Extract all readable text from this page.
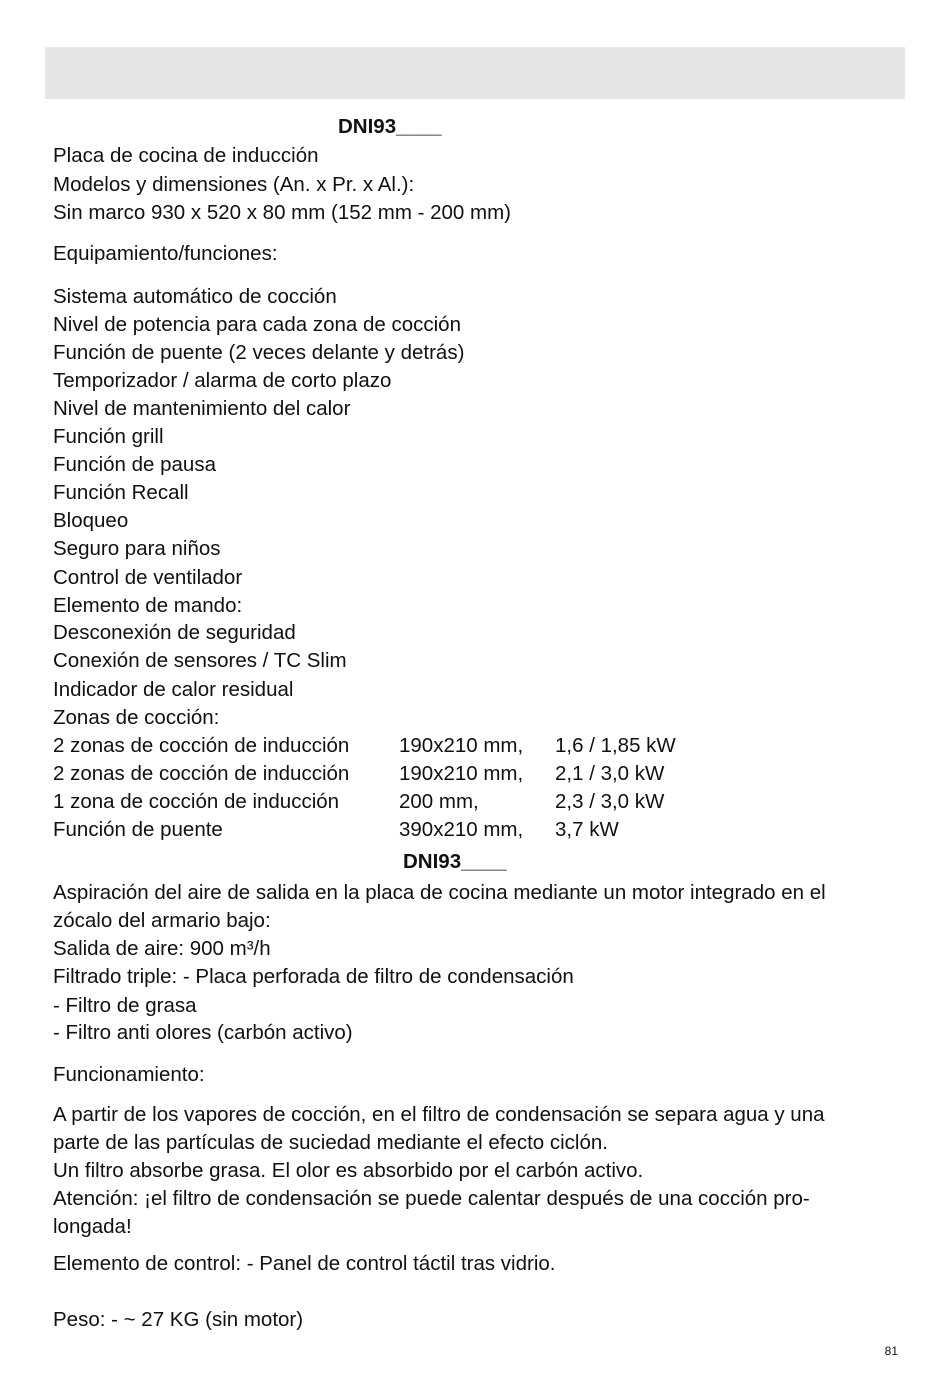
DNI93____
Placa de cocina de inducción
Modelos y dimensiones (An. x Pr. x Al.):
Sin marco 930 x 520 x 80 mm (152 mm - 200 mm)
Equipamiento/funciones:
Sistema automático de cocción
Nivel de potencia para cada zona de cocción
Función de puente (2 veces delante y detrás)
Temporizador / alarma de corto plazo
Nivel de mantenimiento del calor
Función grill
Función de pausa
Función Recall
Bloqueo
Seguro para niños
Control de ventilador
Elemento de mando:
Desconexión de seguridad
Conexión de sensores / TC Slim
Indicador de calor residual
Zonas de cocción:
2 zonas de cocción de inducción 190x210 mm, 1,6 / 1,85 kW
2 zonas de cocción de inducción 190x210 mm, 2,1 / 3,0 kW
1 zona de cocción de inducción	200 mm,	2,3 / 3,0 kW
Función de puente	390x210 mm, 3,7 kW
DNI93____
Aspiración del aire de salida en la placa de cocina mediante un motor integrado en el
zócalo del armario bajo:
Salida de aire: 900 m³/h
Filtrado triple: - Placa perforada de filtro de condensación
- Filtro de grasa
- Filtro anti olores (carbón activo)
Funcionamiento:
A partir de los vapores de cocción, en el filtro de condensación se separa agua y una
parte de las partículas de suciedad mediante el efecto ciclón.
Un filtro absorbe grasa. El olor es absorbido por el carbón activo.
Atención: ¡el filtro de condensación se puede calentar después de una cocción pro-
longada!
Elemento de control: - Panel de control táctil tras vidrio.
Peso: - ~ 27 KG (sin motor)
81
